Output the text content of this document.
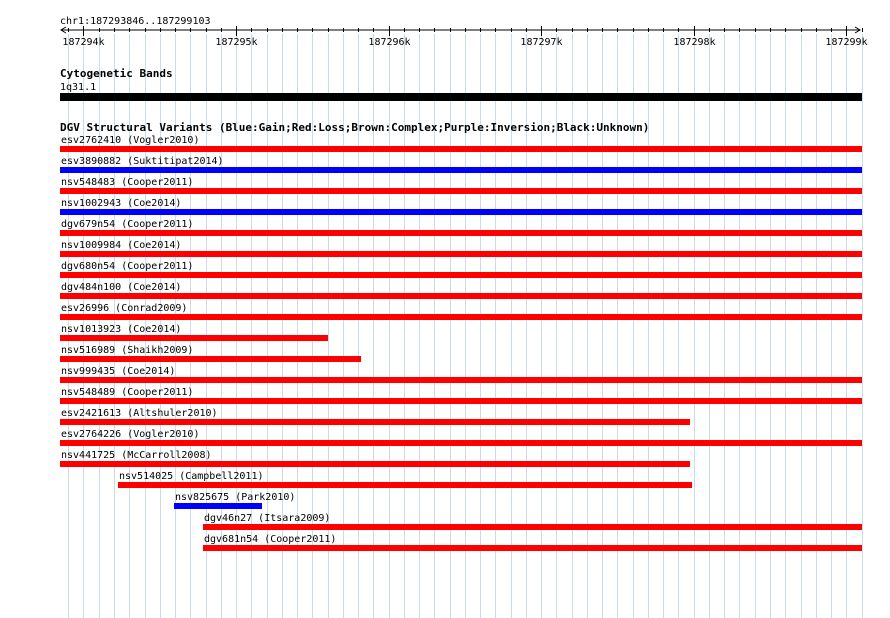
chr1:187293846..187299103
187294k	187295k	187296k	187297k	187298k	187299k
Cytogenetic Bands
1q31.1
DGV Structural Variants (Blue:Gain;Red:Loss;Brown:Complex;Purple:Inversion;Black:Unknown)
esv2762410 (Vogler2010)
esv3890882 (Suktitipat2014)
nsv548483 (Cooper2011)
nsv1002943 (Coe2014)
dgv679n54 (Cooper2011)
nsv1009984 (Coe2014)
dgv680n54 (Cooper2011)
dgv484n100 (Coe2014)
esv26996 (Conrad2009)
nsv1013923 (Coe2014)
nsv516989 (Shaikh2009)
nsv999435 (Coe2014)
nsv548489 (Cooper2011)
esv2421613 (Altshuler2010)
esv2764226 (Vogler2010)
nsv441725 (McCarroll2008)
nsv514025 (Campbell2011)
nsv825675 (Park2010)
dgv46n27 (Itsara2009)
dgv681n54 (Cooper2011)
